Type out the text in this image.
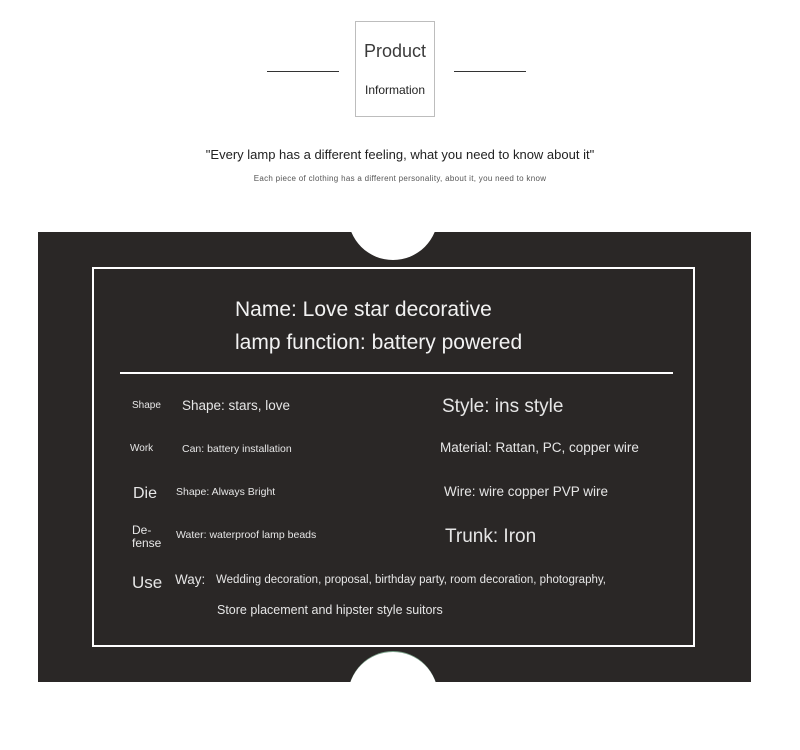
Product
Information
"Every lamp has a different feeling, what you need to know about it"
Each piece of clothing has a different personality, about it, you need to know
Name: Love star decorative
lamp function: battery powered
Shape Shape: stars, love	Style: ins style
Work	Can: battery installation	Material: Rattan, PC, copper wire
Die Shape: Always Bright	Wire: wire copper PVP wire
De-
fense
Water: waterproof lamp beads	Trunk: Iron
Use Way: Wedding decoration, proposal, birthday party, room decoration, photography,
Store placement and hipster style suitors
